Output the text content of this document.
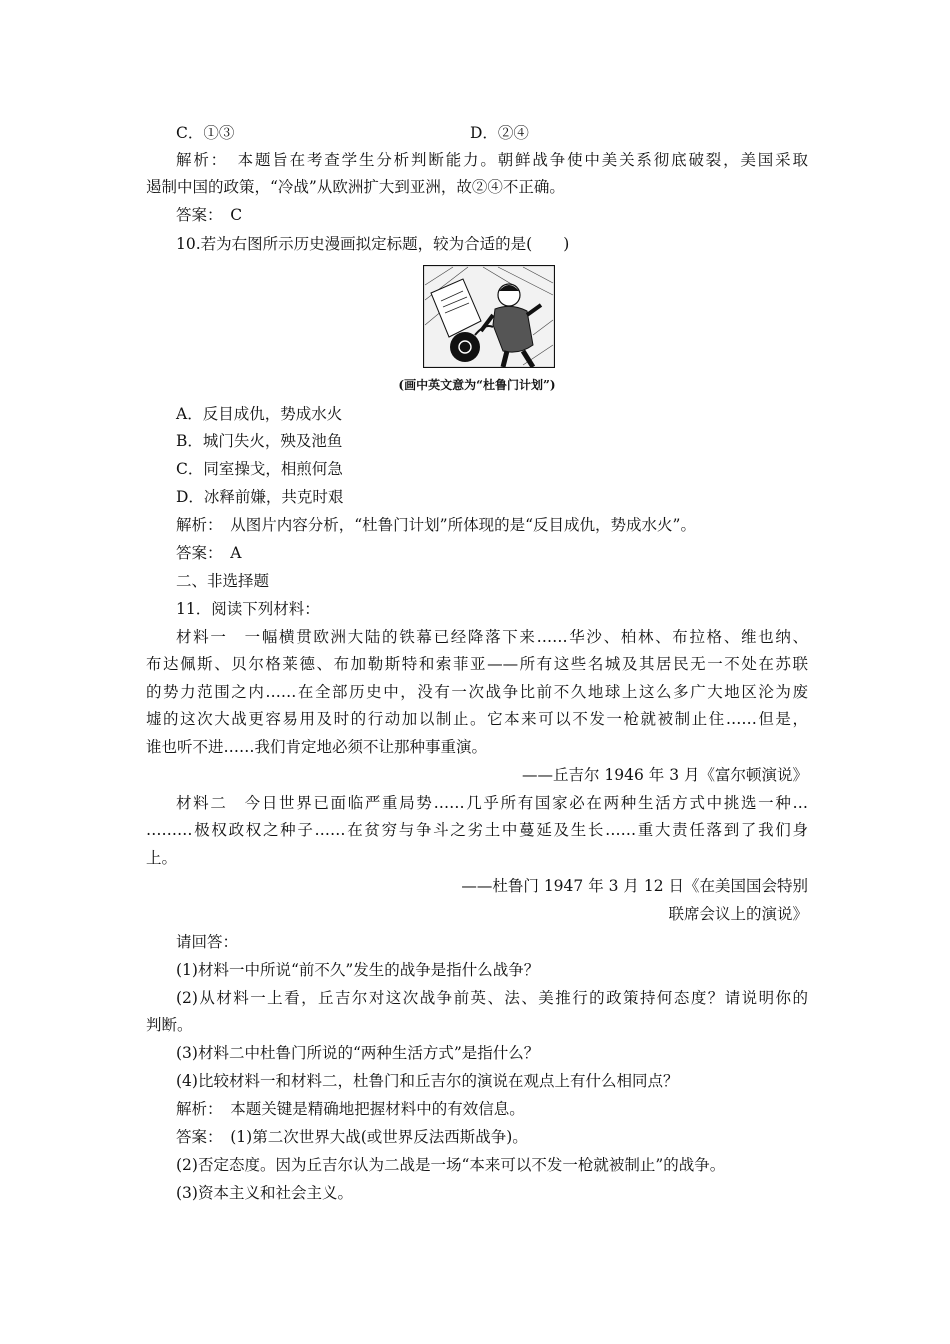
C．①③	D．②④
解析：　本题旨在考查学生分析判断能力。朝鲜战争使中美关系彻底破裂，美国采取
遏制中国的政策，“冷战”从欧洲扩大到亚洲，故②④不正确。
答案：　C
10.若为右图所示历史漫画拟定标题，较为合适的是(　　)
(画中英文意为“杜鲁门计划”)
A．反目成仇，势成水火
B．城门失火，殃及池鱼
C．同室操戈，相煎何急
D．冰释前嫌，共克时艰
解析：　从图片内容分析，“杜鲁门计划”所体现的是“反目成仇，势成水火”。
答案：　A
二、非选择题
11．阅读下列材料：
材料一　一幅横贯欧洲大陆的铁幕已经降落下来……华沙、柏林、布拉格、维也纳、
布达佩斯、贝尔格莱德、布加勒斯特和索菲亚——所有这些名城及其居民无一不处在苏联
的势力范围之内……在全部历史中，没有一次战争比前不久地球上这么多广大地区沦为废
墟的这次大战更容易用及时的行动加以制止。它本来可以不发一枪就被制止住……但是，
谁也听不进……我们肯定地必须不让那种事重演。
——丘吉尔 1946 年 3 月《富尔顿演说》
材料二　今日世界已面临严重局势……几乎所有国家必在两种生活方式中挑选一种…
………极权政权之种子……在贫穷与争斗之劣土中蔓延及生长……重大责任落到了我们身
上。
——杜鲁门 1947 年 3 月 12 日《在美国国会特别
联席会议上的演说》
请回答：
(1)材料一中所说“前不久”发生的战争是指什么战争？
(2)从材料一上看，丘吉尔对这次战争前英、法、美推行的政策持何态度？请说明你的
判断。
(3)材料二中杜鲁门所说的“两种生活方式”是指什么？
(4)比较材料一和材料二，杜鲁门和丘吉尔的演说在观点上有什么相同点？
解析：　本题关键是精确地把握材料中的有效信息。
答案：　(1)第二次世界大战(或世界反法西斯战争)。
(2)否定态度。因为丘吉尔认为二战是一场“本来可以不发一枪就被制止”的战争。
(3)资本主义和社会主义。
